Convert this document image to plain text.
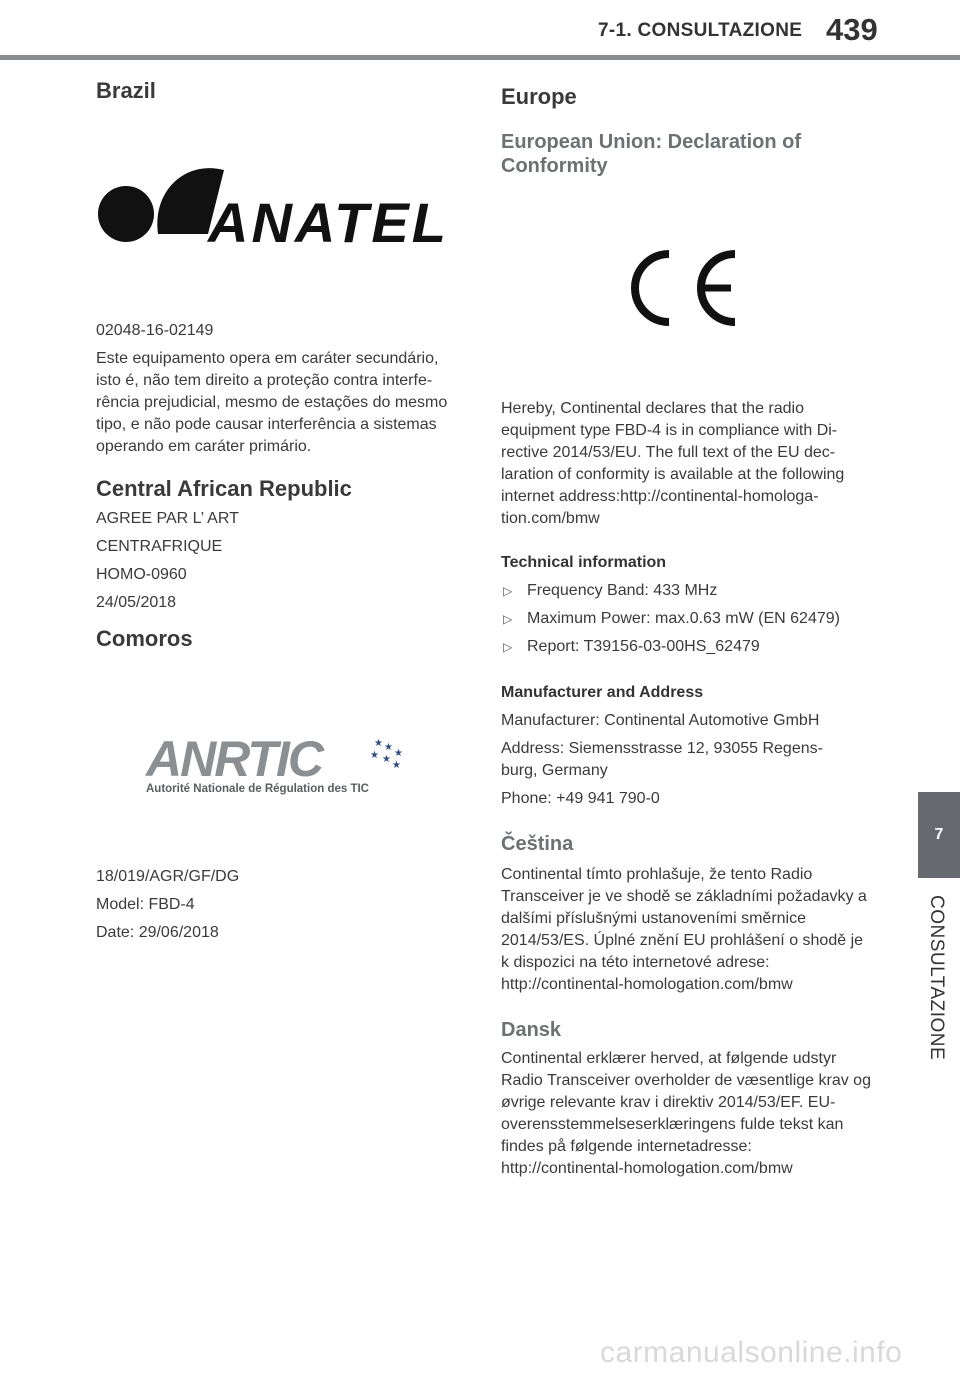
7-1. CONSULTAZIONE 439
7
CONSULTAZIONE
Brazil
ANATEL

02048-16-02149

Este equipamento opera em caráter secundário, isto é, não tem direito a proteção contra interfe-rência prejudicial, mesmo de estações do mesmo tipo, e não pode causar interferência a sistemas operando em caráter primário.

Central African Republic

AGREE PAR L’ ART

CENTRAFRIQUE

HOMO-0960

24/05/2018

Comoros
ANRTIC	★ ★
★
★ ★
★
Autorité Nationale de Régulation des TIC

18/019/AGR/GF/DG

Model: FBD-4

Date: 29/06/2018

Europe
European Union: Declaration of Conformity

Hereby, Continental declares that the radio equipment type FBD-4 is in compliance with Di-rective 2014/53/EU. The full text of the EU dec-laration of conformity is available at the following internet address:http://continental-homologa-tion.com/bmw

Technical information
▷ Frequency Band: 433 MHz
▷ Maximum Power: max.0.63 mW (EN 62479)
▷ Report: T39156-03-00HS_62479
Manufacturer and Address

Manufacturer: Continental Automotive GmbH

Address: Siemensstrasse 12, 93055 Regens-burg, Germany

Phone: +49 941 790-0

Čeština

Continental tímto prohlašuje, že tento Radio Transceiver je ve shodě se základními požadavky a dalšími příslušnými ustanoveními směrnice 2014/53/ES. Úplné znění EU prohlášení o shodě je k dispozici na této internetové adrese: http://continental-homologation.com/bmw

Dansk

Continental erklærer herved, at følgende udstyr Radio Transceiver overholder de væsentlige krav og øvrige relevante krav i direktiv 2014/53/EF. EU-overensstemmelseserklæringens fulde tekst kan findes på følgende internetadresse: http://continental-homologation.com/bmw

carmanualsonline.info
